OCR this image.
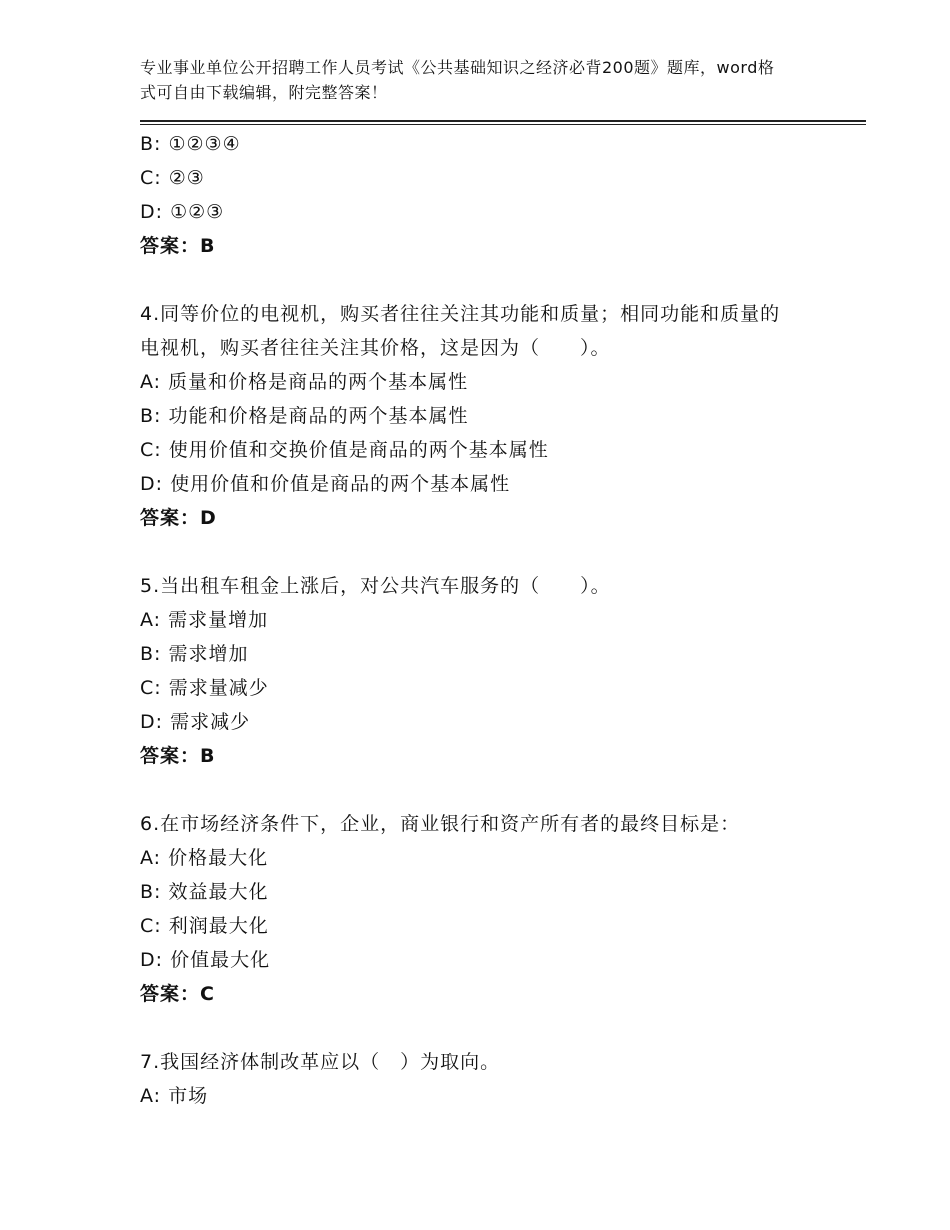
专业事业单位公开招聘工作人员考试《公共基础知识之经济必背200题》题库，word格式可自由下载编辑，附完整答案！
B: ①②③④
C: ②③
D: ①②③
答案：B
4.同等价位的电视机，购买者往往关注其功能和质量；相同功能和质量的电视机，购买者往往关注其价格，这是因为（　　）。
A: 质量和价格是商品的两个基本属性
B: 功能和价格是商品的两个基本属性
C: 使用价值和交换价值是商品的两个基本属性
D: 使用价值和价值是商品的两个基本属性
答案：D
5.当出租车租金上涨后，对公共汽车服务的（　　）。
A: 需求量增加
B: 需求增加
C: 需求量减少
D: 需求减少
答案：B
6.在市场经济条件下，企业，商业银行和资产所有者的最终目标是：
A: 价格最大化
B: 效益最大化
C: 利润最大化
D: 价值最大化
答案：C
7.我国经济体制改革应以（　）为取向。
A: 市场
